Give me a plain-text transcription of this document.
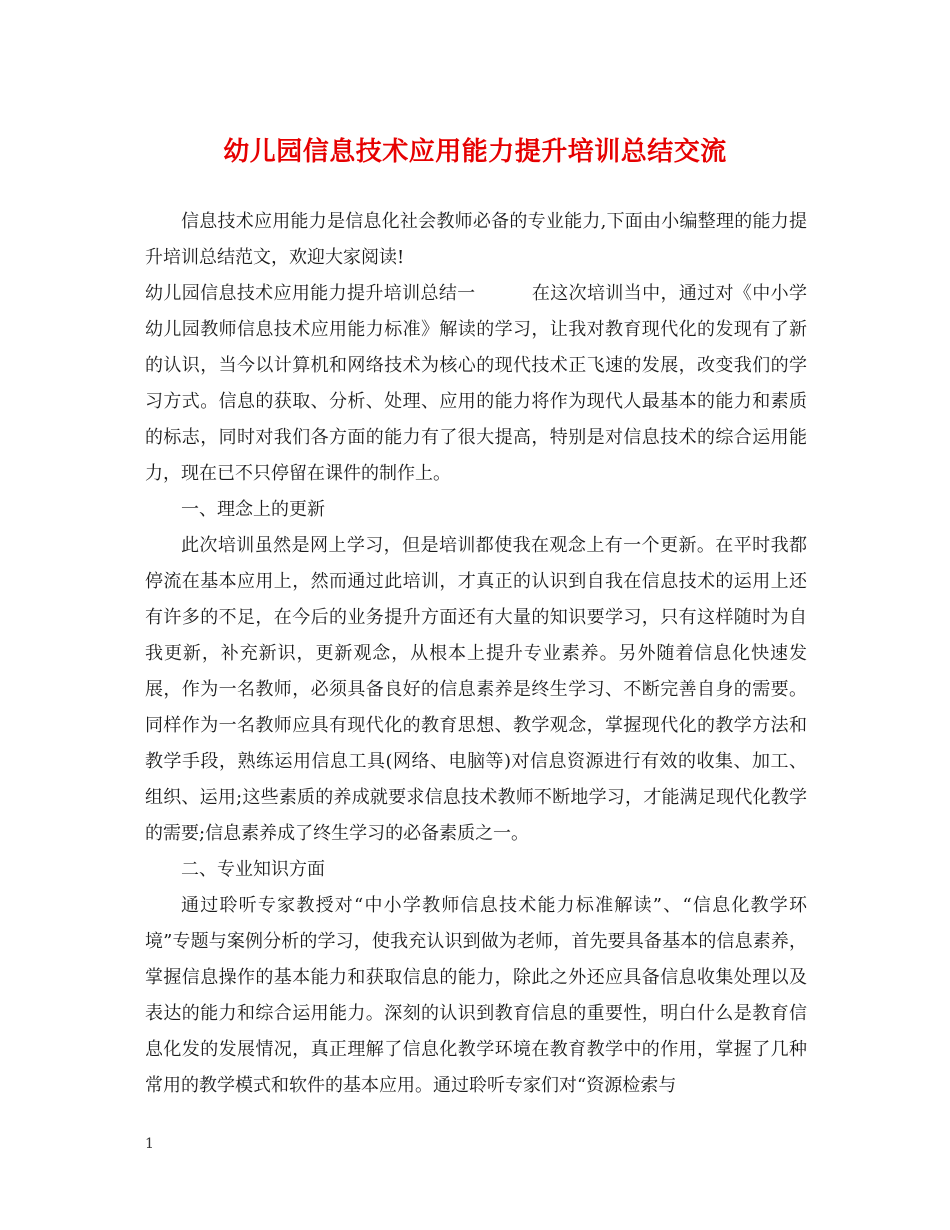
幼儿园信息技术应用能力提升培训总结交流

信息技术应用能力是信息化社会教师必备的专业能力,下面由小编整理的能力提升培训总结范文，欢迎大家阅读!

幼儿园信息技术应用能力提升培训总结一	在这次培训当中，通过对《中小学幼儿园教师信息技术应用能力标准》解读的学习，让我对教育现代化的发现有了新的认识，当今以计算机和网络技术为核心的现代技术正飞速的发展，改变我们的学习方式。信息的获取、分析、处理、应用的能力将作为现代人最基本的能力和素质的标志，同时对我们各方面的能力有了很大提高，特别是对信息技术的综合运用能力，现在已不只停留在课件的制作上。

一、理念上的更新

此次培训虽然是网上学习，但是培训都使我在观念上有一个更新。在平时我都停流在基本应用上，然而通过此培训，才真正的认识到自我在信息技术的运用上还有许多的不足，在今后的业务提升方面还有大量的知识要学习，只有这样随时为自我更新，补充新识，更新观念，从根本上提升专业素养。另外随着信息化快速发展，作为一名教师，必须具备良好的信息素养是终生学习、不断完善自身的需要。同样作为一名教师应具有现代化的教育思想、教学观念，掌握现代化的教学方法和教学手段，熟练运用信息工具(网络、电脑等)对信息资源进行有效的收集、加工、组织、运用;这些素质的养成就要求信息技术教师不断地学习，才能满足现代化教学的需要;信息素养成了终生学习的必备素质之一。

二、专业知识方面

通过聆听专家教授对“中小学教师信息技术能力标准解读”、“信息化教学环境”专题与案例分析的学习，使我充认识到做为老师，首先要具备基本的信息素养，掌握信息操作的基本能力和获取信息的能力，除此之外还应具备信息收集处理以及表达的能力和综合运用能力。深刻的认识到教育信息的重要性，明白什么是教育信息化发的发展情况，真正理解了信息化教学环境在教育教学中的作用，掌握了几种常用的教学模式和软件的基本应用。通过聆听专家们对“资源检索与

1
